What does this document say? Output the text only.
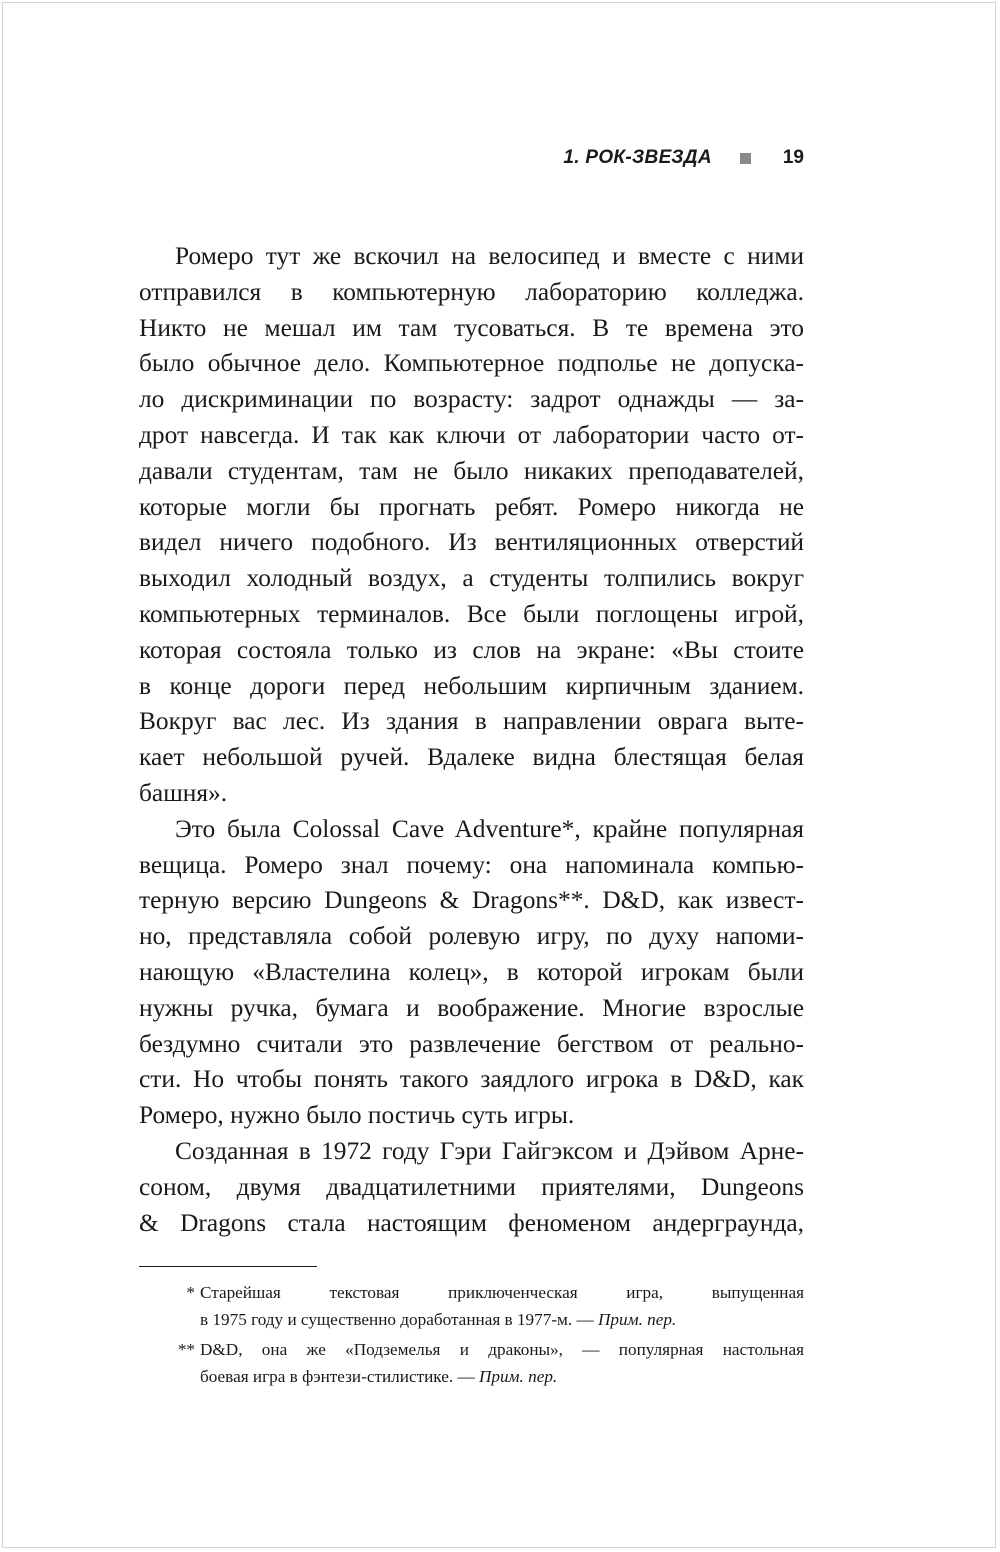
1. РОК-ЗВЕЗДА	19
Ромеро тут же вскочил на велосипед и вместе с ними
отправился в компьютерную лабораторию колледжа.
Никто не мешал им там тусоваться. В те времена это
было обычное дело. Компьютерное подполье не допуска-
ло дискриминации по возрасту: задрот однажды — за-
дрот навсегда. И так как ключи от лаборатории часто от-
давали студентам, там не было никаких преподавателей,
которые могли бы прогнать ребят. Ромеро никогда не
видел ничего подобного. Из вентиляционных отверстий
выходил холодный воздух, а студенты толпились вокруг
компьютерных терминалов. Все были поглощены игрой,
которая состояла только из слов на экране: «Вы стоите
в конце дороги перед небольшим кирпичным зданием.
Вокруг вас лес. Из здания в направлении оврага выте-
кает небольшой ручей. Вдалеке видна блестящая белая
башня».
Это была Colossal Cave Adventure*, крайне популярная
вещица. Ромеро знал почему: она напоминала компью-
терную версию Dungeons & Dragons**. D&D, как извест-
но, представляла собой ролевую игру, по духу напоми-
нающую «Властелина колец», в которой игрокам были
нужны ручка, бумага и воображение. Многие взрослые
бездумно считали это развлечение бегством от реально-
сти. Но чтобы понять такого заядлого игрока в D&D, как
Ромеро, нужно было постичь суть игры.
Созданная в 1972 году Гэри Гайгэксом и Дэйвом Арне-
соном, двумя двадцатилетними приятелями, Dungeons
& Dragons стала настоящим феноменом андерграунда,
* Старейшая текстовая приключенческая игра, выпущенная
в 1975 году и существенно доработанная в 1977-м. — Прим. пер.
** D&D, она же «Подземелья и драконы», — популярная настольная
боевая игра в фэнтези-стилистике. — Прим. пер.
